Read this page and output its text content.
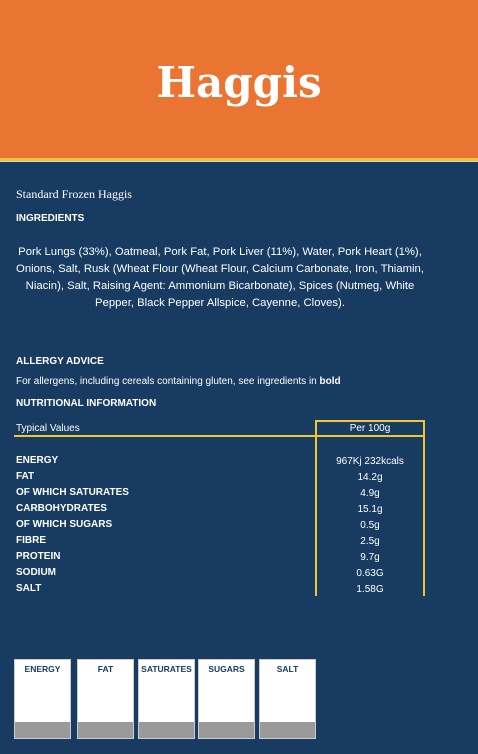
Haggis
Standard Frozen Haggis
INGREDIENTS
Pork Lungs (33%), Oatmeal, Pork Fat, Pork Liver (11%), Water, Pork Heart (1%), Onions, Salt, Rusk (Wheat Flour (Wheat Flour, Calcium Carbonate, Iron, Thiamin, Niacin), Salt, Raising Agent: Ammonium Bicarbonate), Spices (Nutmeg, White Pepper, Black Pepper Allspice, Cayenne, Cloves).
ALLERGY ADVICE
For allergens, including cereals containing gluten, see ingredients in bold
NUTRITIONAL INFORMATION
Typical Values	Per 100g
ENERGY	967Kj 232kcals
FAT	14.2g
OF WHICH SATURATES	4.9g
CARBOHYDRATES	15.1g
OF WHICH SUGARS	0.5g
FIBRE	2.5g
PROTEIN	9.7g
SODIUM	0.63G
SALT	1.58G
ENERGY	FAT	SATURATES	SUGARS	SALT
